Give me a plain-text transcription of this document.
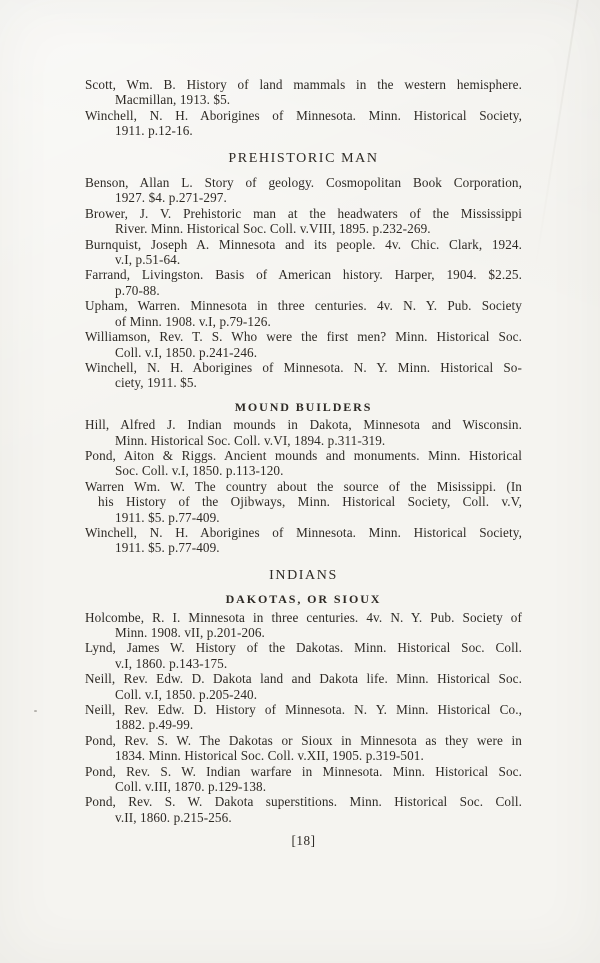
Scott, Wm. B. History of land mammals in the western hemisphere.
Macmillan, 1913. $5.
Winchell, N. H. Aborigines of Minnesota. Minn. Historical Society,
1911. p.12-16.
PREHISTORIC MAN
Benson, Allan L. Story of geology. Cosmopolitan Book Corporation,
1927. $4. p.271-297.
Brower, J. V. Prehistoric man at the headwaters of the Mississippi
River. Minn. Historical Soc. Coll. v.VIII, 1895. p.232-269.
Burnquist, Joseph A. Minnesota and its people. 4v. Chic. Clark, 1924.
v.I, p.51-64.
Farrand, Livingston. Basis of American history. Harper, 1904. $2.25.
p.70-88.
Upham, Warren. Minnesota in three centuries. 4v. N. Y. Pub. Society
of Minn. 1908. v.I, p.79-126.
Williamson, Rev. T. S. Who were the first men? Minn. Historical Soc.
Coll. v.I, 1850. p.241-246.
Winchell, N. H. Aborigines of Minnesota. N. Y. Minn. Historical So-
ciety, 1911. $5.
MOUND BUILDERS
Hill, Alfred J. Indian mounds in Dakota, Minnesota and Wisconsin.
Minn. Historical Soc. Coll. v.VI, 1894. p.311-319.
Pond, Aiton & Riggs. Ancient mounds and monuments. Minn. Historical
Soc. Coll. v.I, 1850. p.113-120.
Warren Wm. W. The country about the source of the Misissippi. (In
his History of the Ojibways, Minn. Historical Society, Coll. v.V,
1911. $5. p.77-409.
Winchell, N. H. Aborigines of Minnesota. Minn. Historical Society,
1911. $5. p.77-409.
INDIANS
DAKOTAS, OR SIOUX
Holcombe, R. I. Minnesota in three centuries. 4v. N. Y. Pub. Society of
Minn. 1908. vII, p.201-206.
Lynd, James W. History of the Dakotas. Minn. Historical Soc. Coll.
v.I, 1860. p.143-175.
Neill, Rev. Edw. D. Dakota land and Dakota life. Minn. Historical Soc.
Coll. v.I, 1850. p.205-240.
Neill, Rev. Edw. D. History of Minnesota. N. Y. Minn. Historical Co.,
1882. p.49-99.
Pond, Rev. S. W. The Dakotas or Sioux in Minnesota as they were in
1834. Minn. Historical Soc. Coll. v.XII, 1905. p.319-501.
Pond, Rev. S. W. Indian warfare in Minnesota. Minn. Historical Soc.
Coll. v.III, 1870. p.129-138.
Pond, Rev. S. W. Dakota superstitions. Minn. Historical Soc. Coll.
v.II, 1860. p.215-256.
[18]
